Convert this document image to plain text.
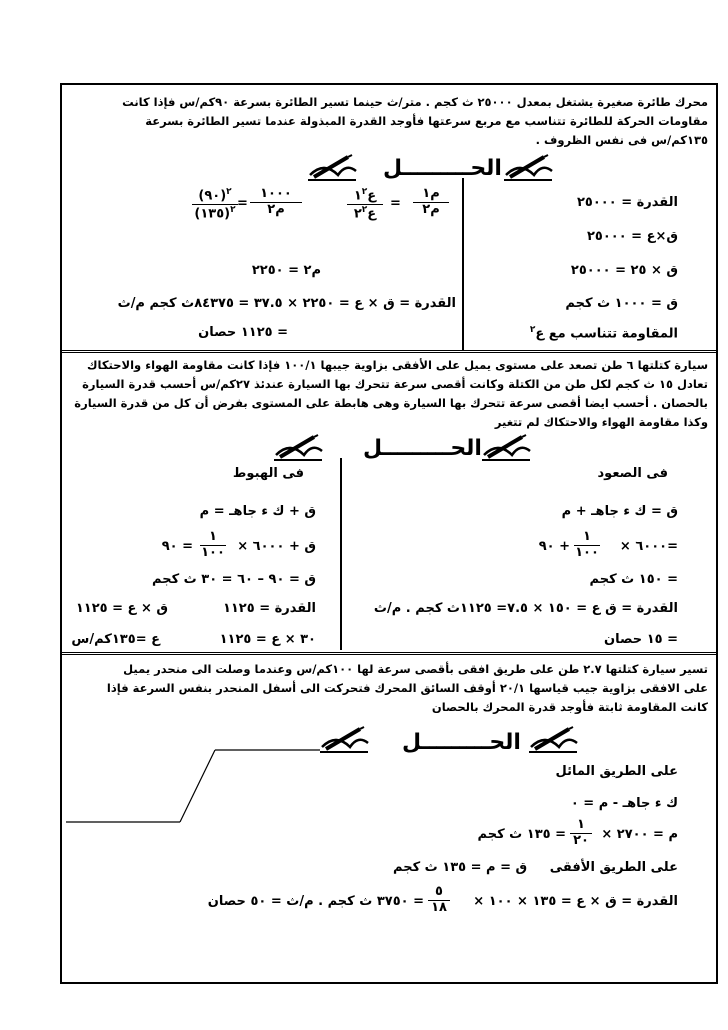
محرك طائرة صغيرة يشتغل بمعدل ٢٥٠٠٠ ث كجم . متر/ث حينما تسير الطائرة بسرعة ٩٠كم/س فإذا كانت
مقاومات الحركة للطائرة تتناسب مع مربع سرعتها فأوجد القدرة المبذولة عندما تسير الطائرة بسرعة
١٣٥كم/س فى نفس الظروف .
الحـــــــــل
القدرة = ٢٥٠٠٠
ق×ع = ٢٥٠٠٠
ق × ٢٥ = ٢٥٠٠٠
ق = ١٠٠٠ ث كجم
المقاومة تتناسب مع ع$^٢$
م١
م٢
=
$ع١^٢$
$ع٢^٢$
١٠٠٠
م٢
=
(٩٠)$^٢$
(١٣٥)$^٢$
م٢ = ٢٢٥٠
القدرة = ق × ع = ٢٢٥٠ × ٣٧.٥ = ٨٤٣٧٥ث كجم م/ث
= ١١٢٥ حصان
سيارة كتلتها ٦ طن تصعد على مستوى يميل على الأفقى بزاوية جيبها ١٠٠/١ فإذا كانت مقاومة الهواء والاحتكاك
تعادل ١٥ ث كجم لكل طن من الكتلة وكانت أقصى سرعة تتحرك بها السيارة عندئذ ٢٧كم/س أحسب قدرة السيارة
بالحصان . أحسب ايضا أقصى سرعة تتحرك بها السيارة وهى هابطة على المستوى بفرض أن كل من قدرة السيارة
وكذا مقاومة الهواء والاحتكاك لم تتغير
الحـــــــــل
فى الصعود
ق = ك ء جاهـ + م
=٦٠٠٠ ×
١
١٠٠
+ ٩٠
= ١٥٠ ث كجم
القدرة = ق ع = ١٥٠ × ٧.٥= ١١٢٥ث كجم . م/ث
= ١٥ حصان
فى الهبوط
ق + ك ء جاهـ = م
ق + ٦٠٠٠ ×
١
١٠٠
= ٩٠
ق = ٩٠ – ٦٠ = ٣٠ ث كجم
القدرة = ١١٢٥
ق × ع = ١١٢٥
٣٠ × ع = ١١٢٥
ع =١٣٥كم/س
تسير سيارة كتلتها ٢.٧ طن على طريق افقى بأقصى سرعة لها ١٠٠كم/س وعندما وصلت الى منحدر يميل
على الافقى بزاوية جيب قياسها ٢٠/١ أوقف السائق المحرك فتحركت الى أسفل المنحدر بنفس السرعة فإذا
كانت المقاومة ثابتة فأوجد قدرة المحرك بالحصان
الحـــــــــل
على الطريق المائل
ك ء جاهـ - م = ٠
م = ٢٧٠٠ ×
١
٢٠
= ١٣٥ ث كجم
على الطريق الأفقى     ق = م = ١٣٥ ث كجم
القدرة = ق × ع = ١٣٥ × ١٠٠ ×
٥
١٨
= ٣٧٥٠ ث كجم . م/ث = ٥٠ حصان
